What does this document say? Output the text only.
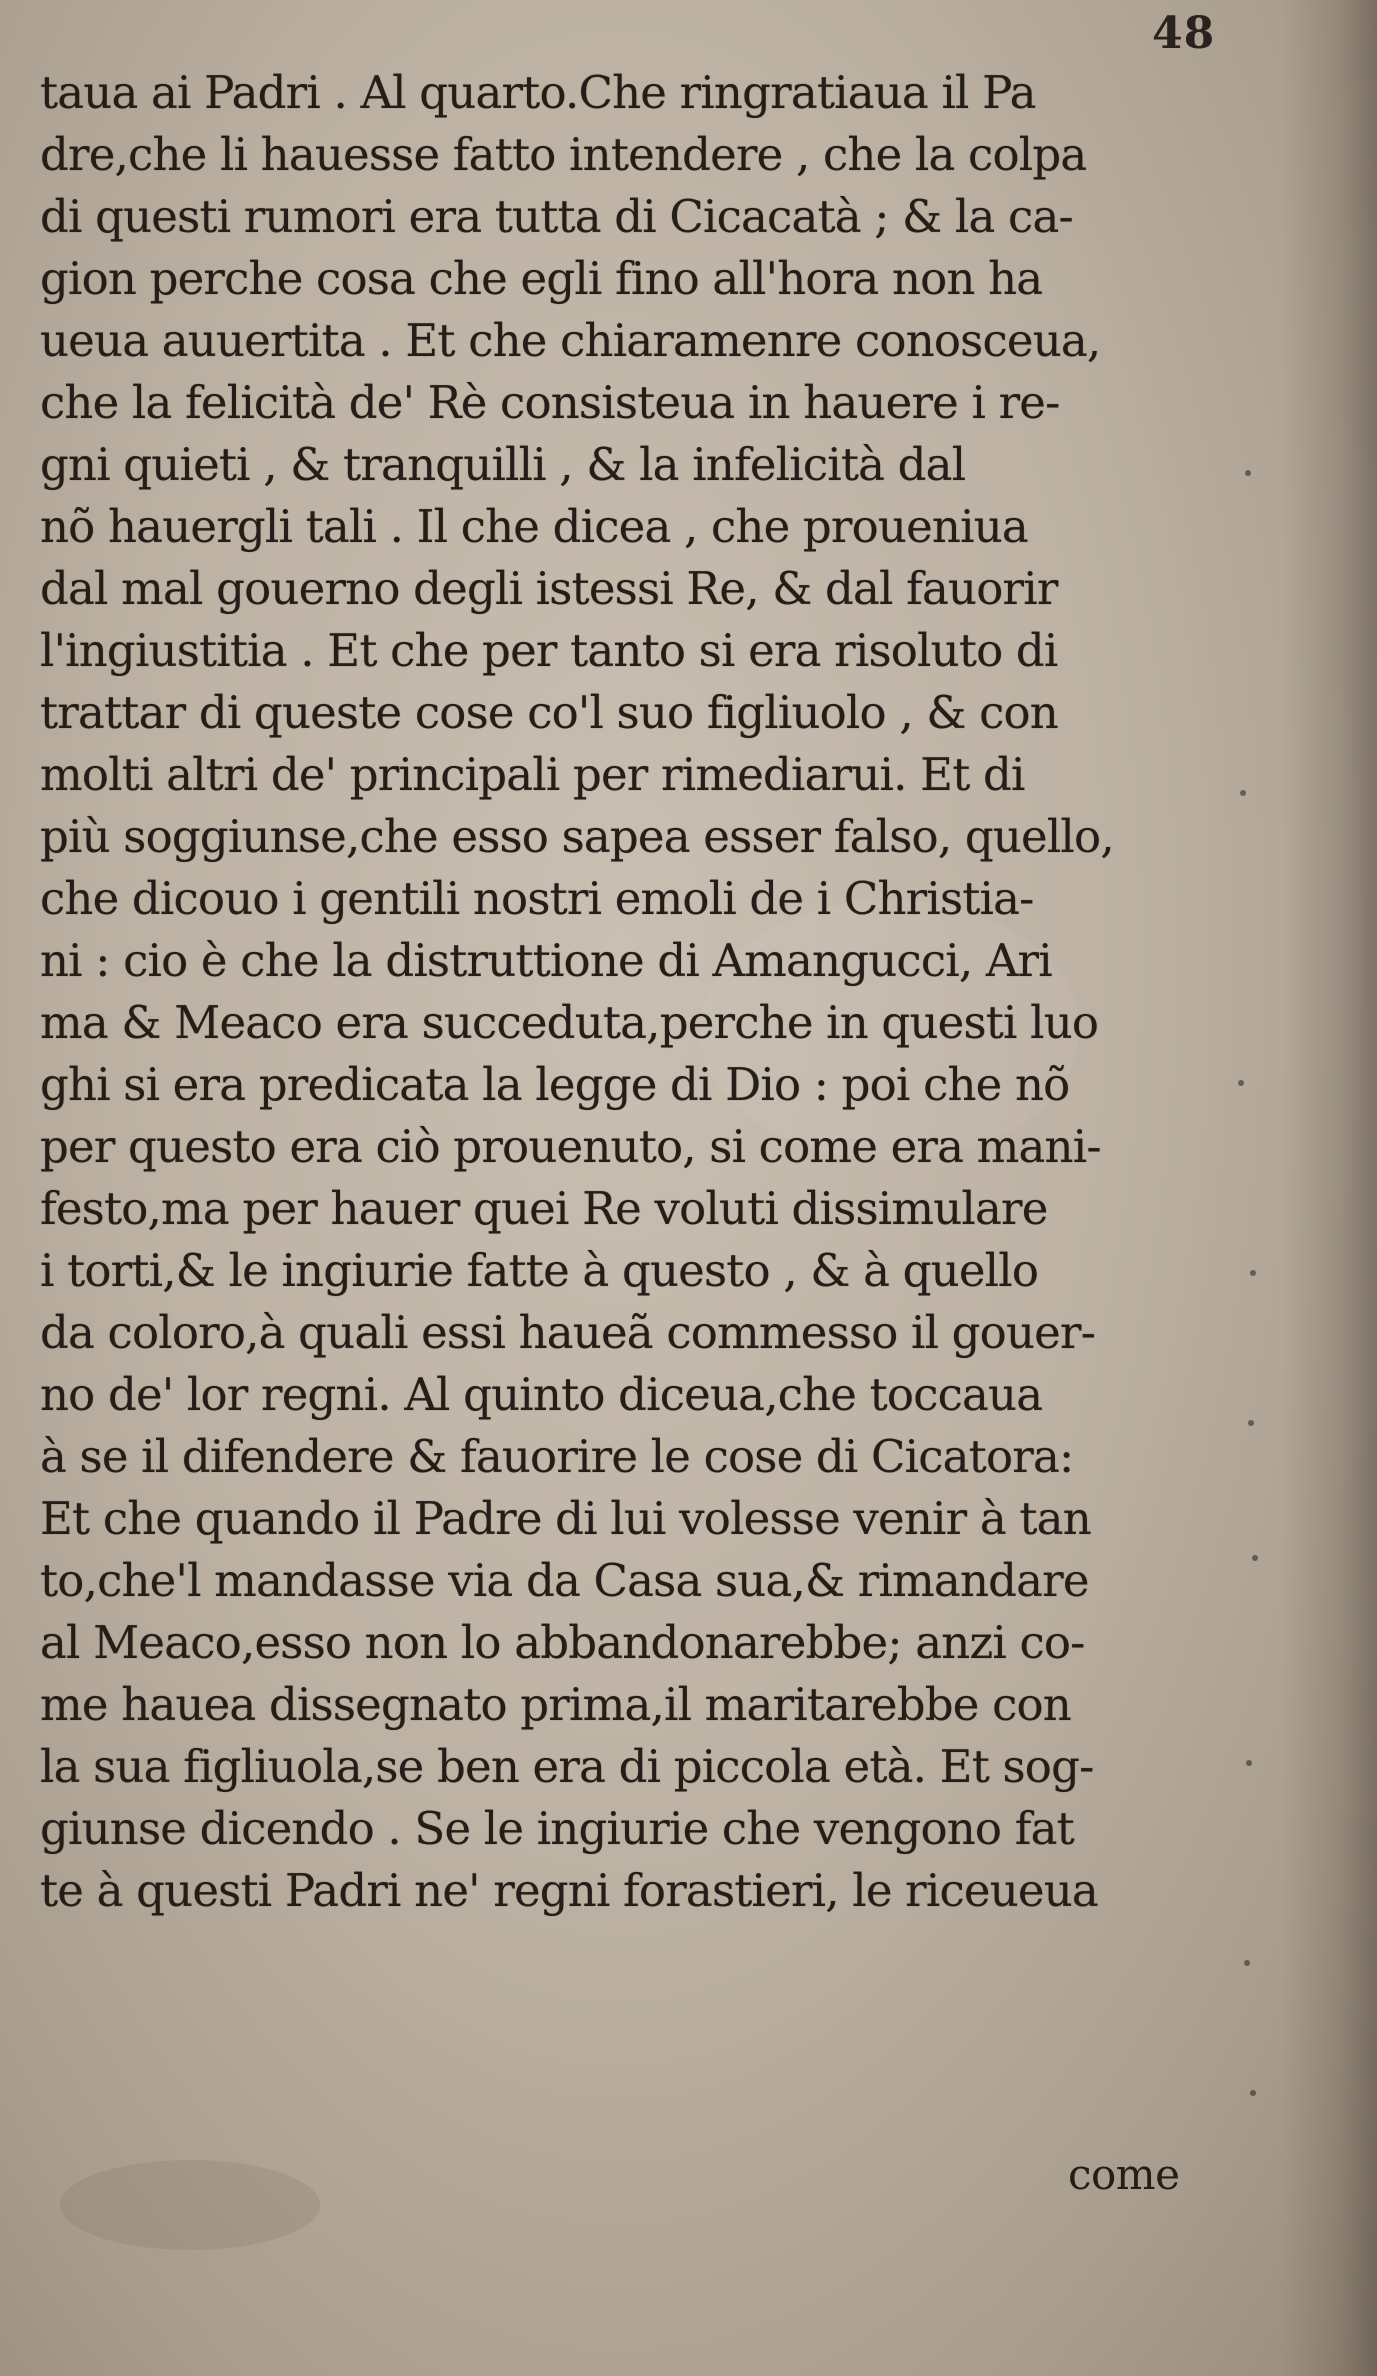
48
taua ai Padri . Al quarto.Che ringratiaua il Pa
dre,che li hauesse fatto intendere , che la colpa
di questi rumori era tutta di Cicacatà ; & la ca-
gion perche cosa che egli fino all'hora non ha
ueua auuertita . Et che chiaramenre conosceua,
che la felicità de' Rè consisteua in hauere i re-
gni quieti , & tranquilli , & la infelicità dal
nõ hauergli tali . Il che dicea , che proueniua
dal mal gouerno degli istessi Re, & dal fauorir
l'ingiustitia . Et che per tanto si era risoluto di
trattar di queste cose co'l suo figliuolo , & con
molti altri de' principali per rimediarui. Et di
più soggiunse,che esso sapea esser falso, quello,
che dicouo i gentili nostri emoli de i Christia-
ni : cio è che la distruttione di Amangucci, Ari
ma & Meaco era succeduta,perche in questi luo
ghi si era predicata la legge di Dio : poi che nõ
per questo era ciò prouenuto, si come era mani-
festo,ma per hauer quei Re voluti dissimulare
i torti,& le ingiurie fatte à questo , & à quello
da coloro,à quali essi haueã commesso il gouer-
no de' lor regni. Al quinto diceua,che toccaua
à se il difendere & fauorire le cose di Cicatora:
Et che quando il Padre di lui volesse venir à tan
to,che'l mandasse via da Casa sua,& rimandare
al Meaco,esso non lo abbandonarebbe; anzi co-
me hauea dissegnato prima,il maritarebbe con
la sua figliuola,se ben era di piccola età. Et sog-
giunse dicendo . Se le ingiurie che vengono fat
te à questi Padri ne' regni forastieri, le riceueua
come
